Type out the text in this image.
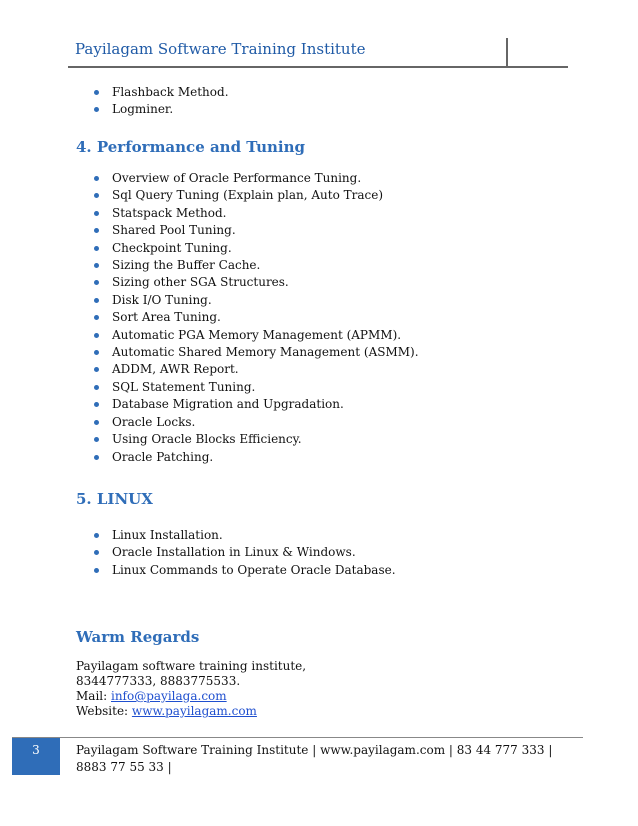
Payilagam Software Training Institute
Flashback Method.
Logminer.
4. Performance and Tuning
Overview of Oracle Performance Tuning.
Sql Query Tuning (Explain plan, Auto Trace)
Statspack Method.
Shared Pool Tuning.
Checkpoint Tuning.
Sizing the Buffer Cache.
Sizing other SGA Structures.
Disk I/O Tuning.
Sort Area Tuning.
Automatic PGA Memory Management (APMM).
Automatic Shared Memory Management (ASMM).
ADDM, AWR Report.
SQL Statement Tuning.
Database Migration and Upgradation.
Oracle Locks.
Using Oracle Blocks Efficiency.
Oracle Patching.
5. LINUX
Linux Installation.
Oracle Installation in Linux & Windows.
Linux Commands to Operate Oracle Database.
Warm Regards
Payilagam software training institute,
8344777333, 8883775533.
Mail: info@payilaga.com
Website: www.payilagam.com
3	Payilagam Software Training Institute | www.payilagam.com | 83 44 777 333 | 8883 77 55 33 |
